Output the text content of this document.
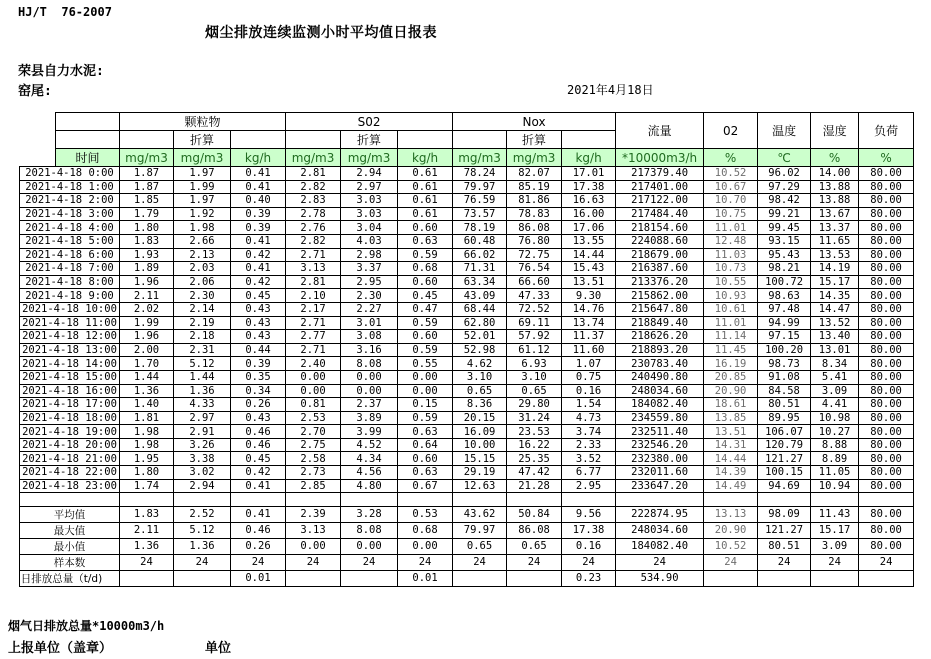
HJ/T  76-2007
烟尘排放连续监测小时平均值日报表
荣县自力水泥:
窑尾:	2021年4月18日
		颗粒物			S02			Nox			流量	02	温度	湿度	负荷
			折算			折算			折算						
	时间	mg/m3	mg/m3	kg/h	mg/m3	mg/m3	kg/h	mg/m3	mg/m3	kg/h	*10000m3/h	%	℃	%	%
2021-4-18 0:00		1.87	1.97	0.41	2.81	2.94	0.61	78.24	82.07	17.01	217379.40	10.52	96.02	14.00	80.00
2021-4-18 1:00		1.87	1.99	0.41	2.82	2.97	0.61	79.97	85.19	17.38	217401.00	10.67	97.29	13.88	80.00
2021-4-18 2:00		1.85	1.97	0.40	2.83	3.03	0.61	76.59	81.86	16.63	217122.00	10.70	98.42	13.88	80.00
2021-4-18 3:00		1.79	1.92	0.39	2.78	3.03	0.61	73.57	78.83	16.00	217484.40	10.75	99.21	13.67	80.00
2021-4-18 4:00		1.80	1.98	0.39	2.76	3.04	0.60	78.19	86.08	17.06	218154.60	11.01	99.45	13.37	80.00
2021-4-18 5:00		1.83	2.66	0.41	2.82	4.03	0.63	60.48	76.80	13.55	224088.60	12.48	93.15	11.65	80.00
2021-4-18 6:00		1.93	2.13	0.42	2.71	2.98	0.59	66.02	72.75	14.44	218679.00	11.03	95.43	13.53	80.00
2021-4-18 7:00		1.89	2.03	0.41	3.13	3.37	0.68	71.31	76.54	15.43	216387.60	10.73	98.21	14.19	80.00
2021-4-18 8:00		1.96	2.06	0.42	2.81	2.95	0.60	63.34	66.60	13.51	213376.20	10.55	100.72	15.17	80.00
2021-4-18 9:00		2.11	2.30	0.45	2.10	2.30	0.45	43.09	47.33	9.30	215862.00	10.93	98.63	14.35	80.00
2021-4-18 10:00		2.02	2.14	0.43	2.17	2.27	0.47	68.44	72.52	14.76	215647.80	10.61	97.48	14.47	80.00
2021-4-18 11:00		1.99	2.19	0.43	2.71	3.01	0.59	62.80	69.11	13.74	218849.40	11.01	94.99	13.52	80.00
2021-4-18 12:00		1.96	2.18	0.43	2.77	3.08	0.60	52.01	57.92	11.37	218626.20	11.14	97.15	13.40	80.00
2021-4-18 13:00		2.00	2.31	0.44	2.71	3.16	0.59	52.98	61.12	11.60	218893.20	11.45	100.20	13.01	80.00
2021-4-18 14:00		1.70	5.12	0.39	2.40	8.08	0.55	4.62	6.93	1.07	230783.40	16.19	98.73	8.34	80.00
2021-4-18 15:00		1.44	1.44	0.35	0.00	0.00	0.00	3.10	3.10	0.75	240490.80	20.85	91.08	5.41	80.00
2021-4-18 16:00		1.36	1.36	0.34	0.00	0.00	0.00	0.65	0.65	0.16	248034.60	20.90	84.58	3.09	80.00
2021-4-18 17:00		1.40	4.33	0.26	0.81	2.37	0.15	8.36	29.80	1.54	184082.40	18.61	80.51	4.41	80.00
2021-4-18 18:00		1.81	2.97	0.43	2.53	3.89	0.59	20.15	31.24	4.73	234559.80	13.85	89.95	10.98	80.00
2021-4-18 19:00		1.98	2.91	0.46	2.70	3.99	0.63	16.09	23.53	3.74	232511.40	13.51	106.07	10.27	80.00
2021-4-18 20:00		1.98	3.26	0.46	2.75	4.52	0.64	10.00	16.22	2.33	232546.20	14.31	120.79	8.88	80.00
2021-4-18 21:00		1.95	3.38	0.45	2.58	4.34	0.60	15.15	25.35	3.52	232380.00	14.44	121.27	8.89	80.00
2021-4-18 22:00		1.80	3.02	0.42	2.73	4.56	0.63	29.19	47.42	6.77	232011.60	14.39	100.15	11.05	80.00
2021-4-18 23:00		1.74	2.94	0.41	2.85	4.80	0.67	12.63	21.28	2.95	233647.20	14.49	94.69	10.94	80.00

平均值		1.83	2.52	0.41	2.39	3.28	0.53	43.62	50.84	9.56	222874.95	13.13	98.09	11.43	80.00
最大值		2.11	5.12	0.46	3.13	8.08	0.68	79.97	86.08	17.38	248034.60	20.90	121.27	15.17	80.00
最小值		1.36	1.36	0.26	0.00	0.00	0.00	0.65	0.65	0.16	184082.40	10.52	80.51	3.09	80.00
样本数		24	24	24	24	24	24	24	24	24	24	24	24	24	24
日排放总量（t/d)				0.01			0.01			0.23	534.90				
烟气日排放总量*10000m3/h
上报单位（盖章）	单位
